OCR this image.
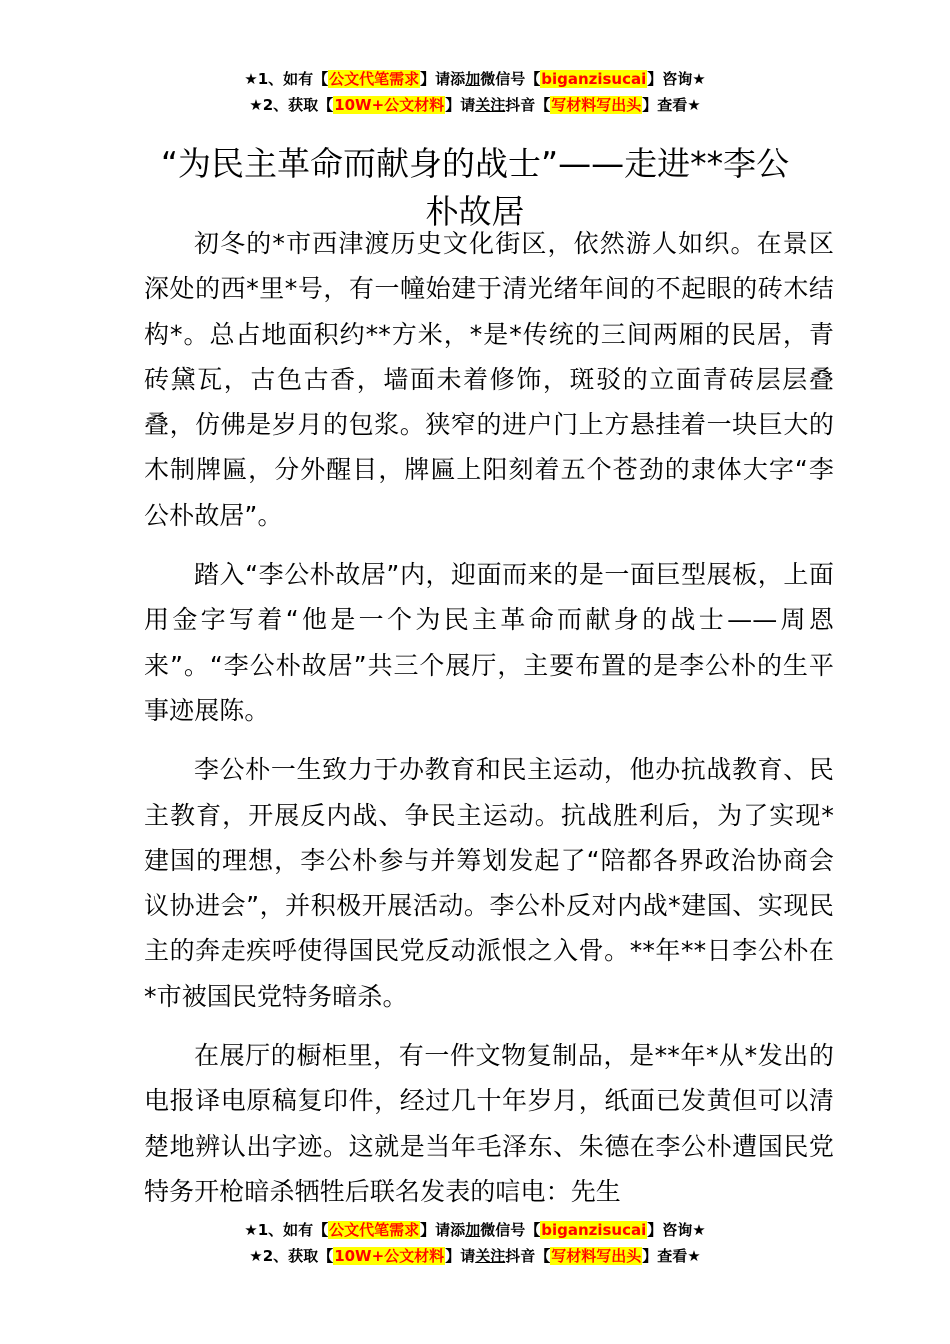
★1、如有【公文代笔需求】请添加微信号【biganzisucai】咨询★
★2、获取【10W+公文材料】请关注抖音【写材料写出头】查看★
“为民主革命而献身的战士”——走进**李公朴故居

初冬的*市西津渡历史文化街区，依然游人如织。在景区深处的西*里*号，有一幢始建于清光绪年间的不起眼的砖木结构*。总占地面积约**方米，*是*传统的三间两厢的民居，青砖黛瓦，古色古香，墙面未着修饰，斑驳的立面青砖层层叠叠，仿佛是岁月的包浆。狭窄的进户门上方悬挂着一块巨大的木制牌匾，分外醒目，牌匾上阳刻着五个苍劲的隶体大字“李公朴故居”。

踏入“李公朴故居”内，迎面而来的是一面巨型展板，上面用金字写着“他是一个为民主革命而献身的战士——周恩来”。“李公朴故居”共三个展厅，主要布置的是李公朴的生平事迹展陈。

李公朴一生致力于办教育和民主运动，他办抗战教育、民主教育，开展反内战、争民主运动。抗战胜利后，为了实现*建国的理想，李公朴参与并筹划发起了“陪都各界政治协商会议协进会”，并积极开展活动。李公朴反对内战*建国、实现民主的奔走疾呼使得国民党反动派恨之入骨。**年**日李公朴在*市被国民党特务暗杀。

在展厅的橱柜里，有一件文物复制品，是**年*从*发出的电报译电原稿复印件，经过几十年岁月，纸面已发黄但可以清楚地辨认出字迹。这就是当年毛泽东、朱德在李公朴遭国民党特务开枪暗杀牺牲后联名发表的唁电：先生

★1、如有【公文代笔需求】请添加微信号【biganzisucai】咨询★
★2、获取【10W+公文材料】请关注抖音【写材料写出头】查看★
